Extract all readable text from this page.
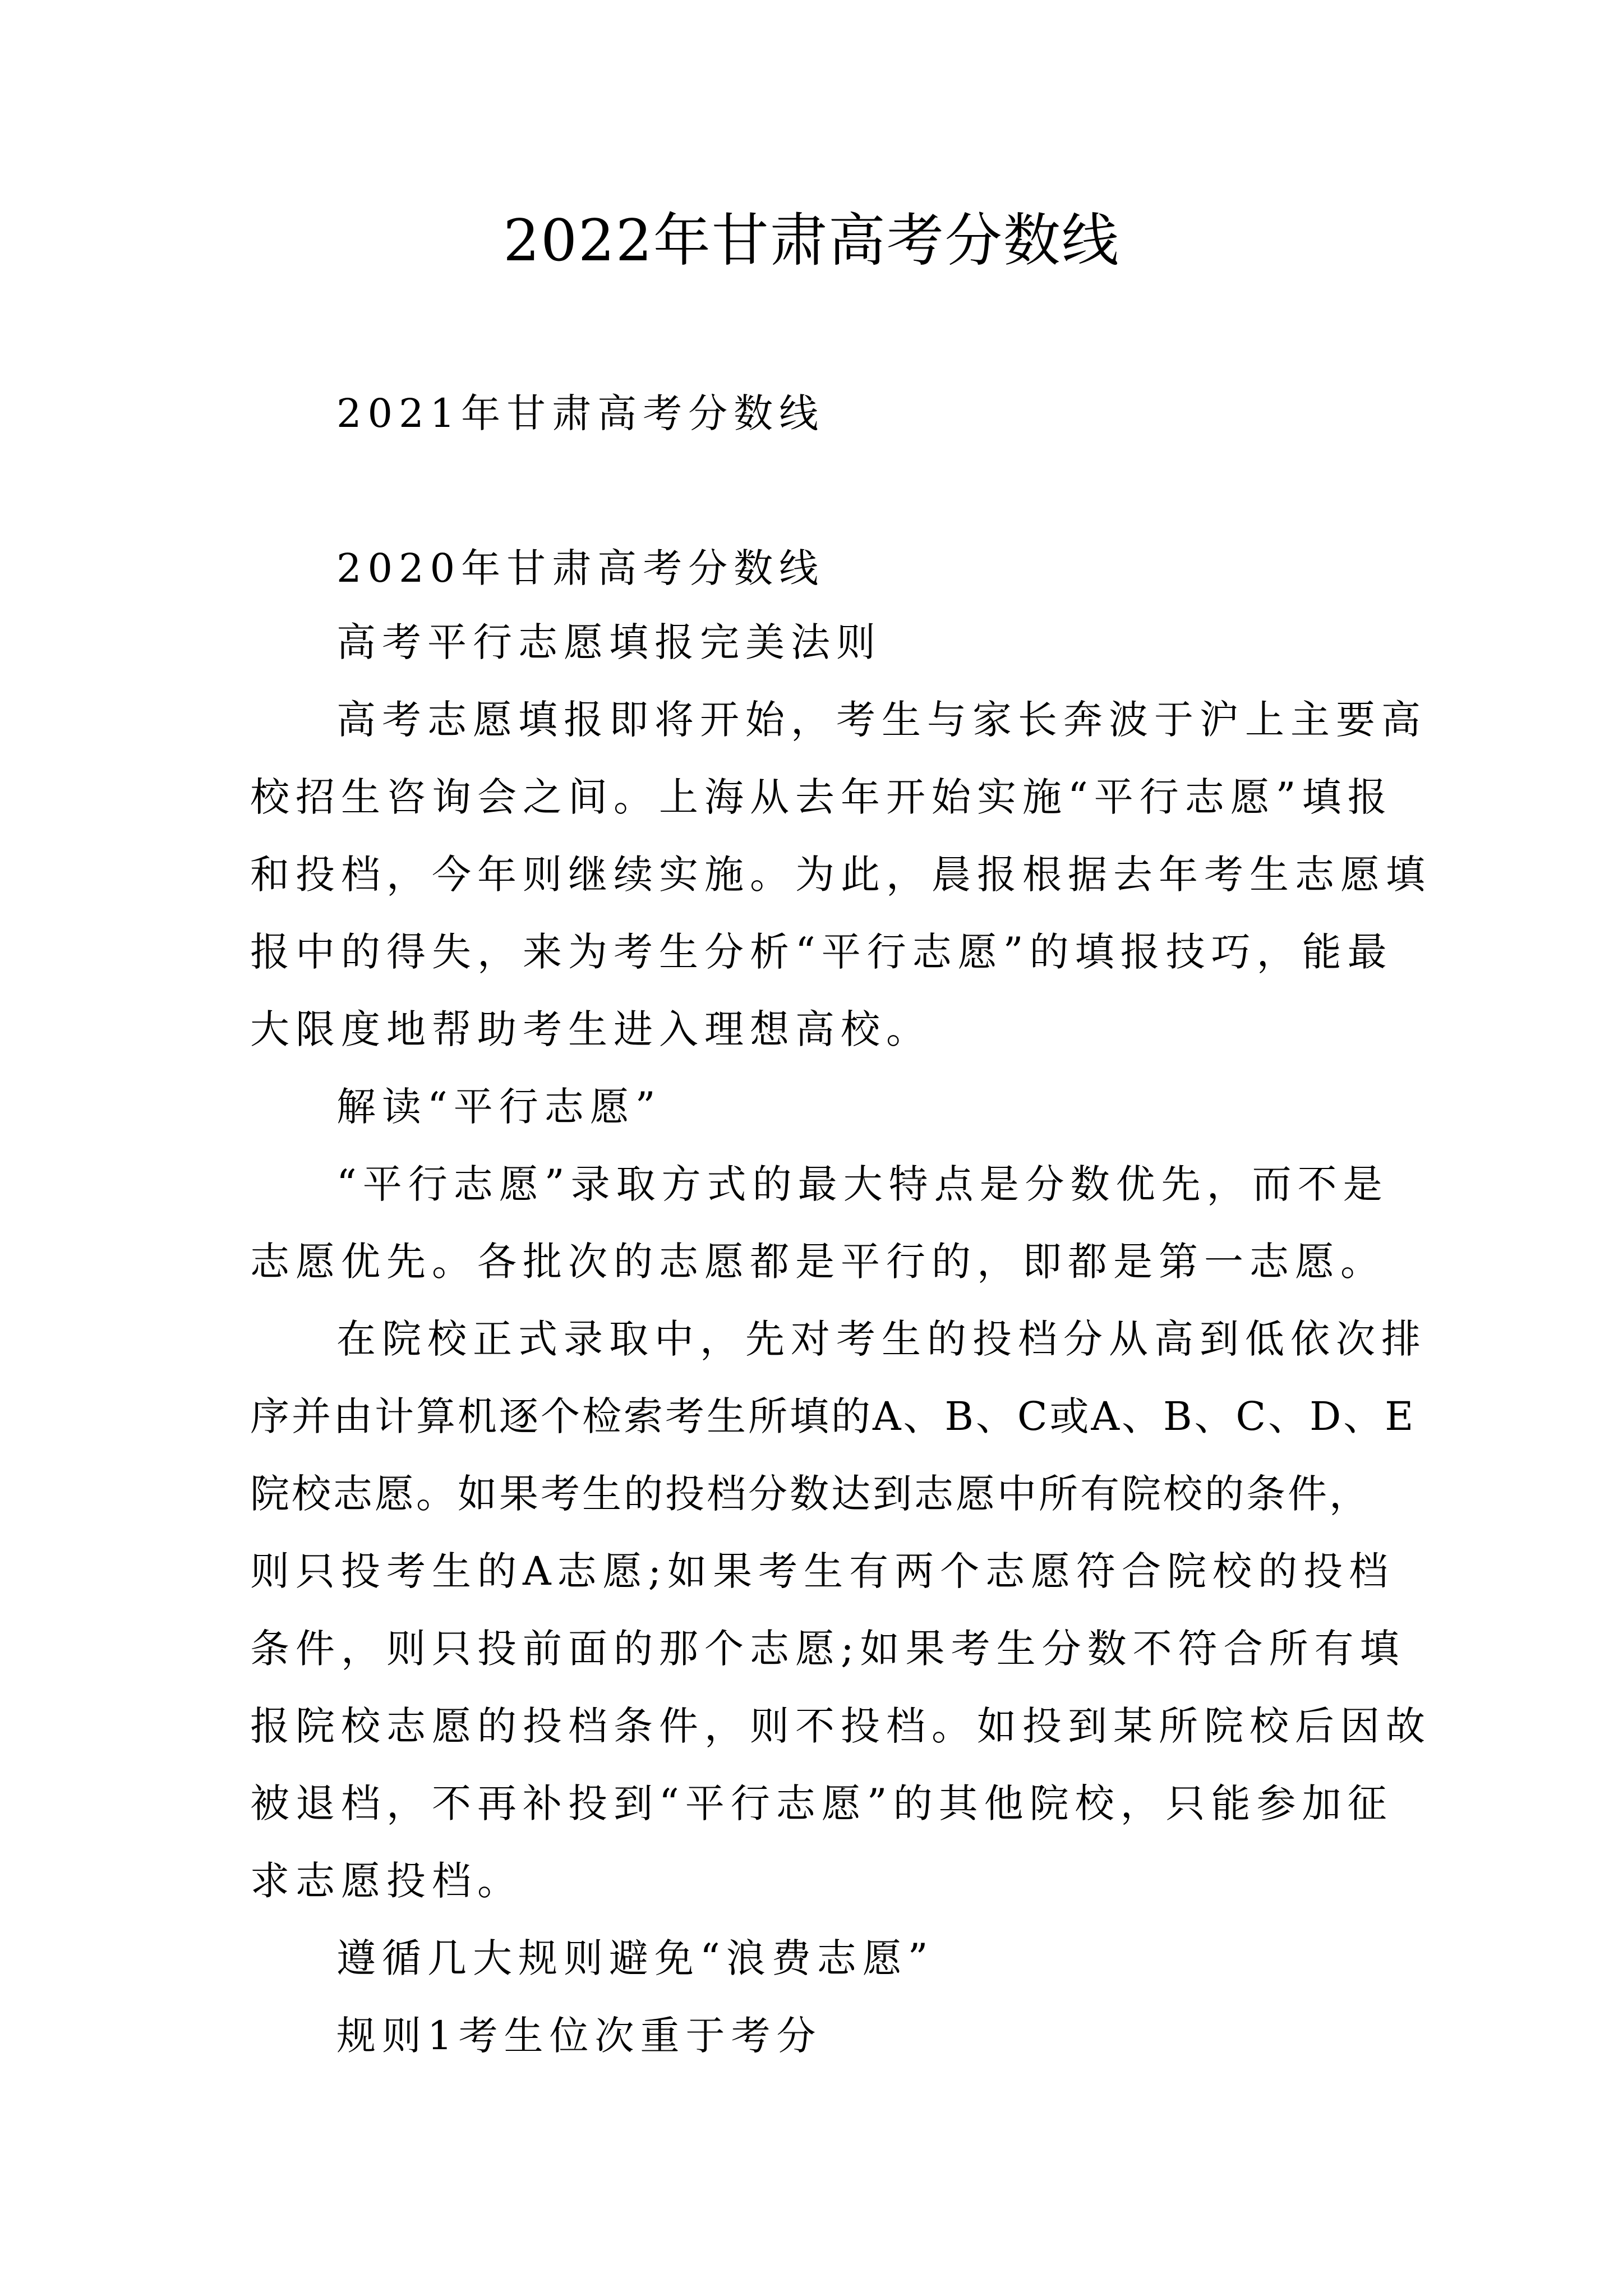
2022年甘肃高考分数线
2021年甘肃高考分数线
2020年甘肃高考分数线
高考平行志愿填报完美法则
高考志愿填报即将开始，考生与家长奔波于沪上主要高
校招生咨询会之间。上海从去年开始实施“平行志愿”填报
和投档，今年则继续实施。为此，晨报根据去年考生志愿填
报中的得失，来为考生分析“平行志愿”的填报技巧，能最
大限度地帮助考生进入理想高校。
解读“平行志愿”
“平行志愿”录取方式的最大特点是分数优先，而不是
志愿优先。各批次的志愿都是平行的，即都是第一志愿。
在院校正式录取中，先对考生的投档分从高到低依次排
序并由计算机逐个检索考生所填的A、B、C或A、B、C、D、E
院校志愿。如果考生的投档分数达到志愿中所有院校的条件，
则只投考生的A志愿;如果考生有两个志愿符合院校的投档
条件，则只投前面的那个志愿;如果考生分数不符合所有填
报院校志愿的投档条件，则不投档。如投到某所院校后因故
被退档，不再补投到“平行志愿”的其他院校，只能参加征
求志愿投档。
遵循几大规则避免“浪费志愿”
规则1考生位次重于考分
